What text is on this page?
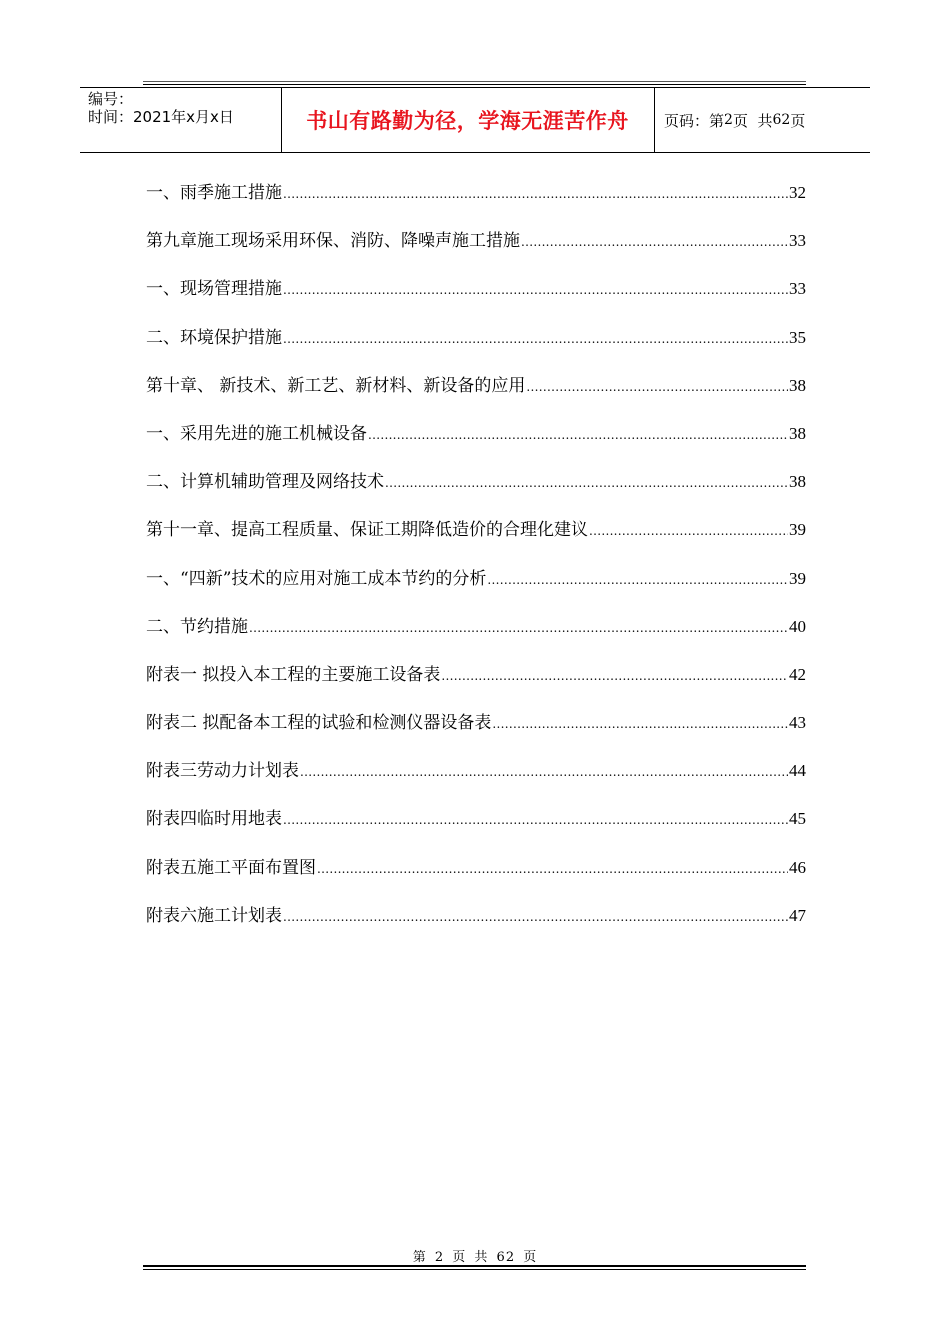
编号：
时间：2021年x月x日	书山有路勤为径，学海无涯苦作舟	页码：第 2 页  共 62 页
一、雨季施工措施 .....	32
第九章施工现场采用环保、消防、降噪声施工措施 .....	33
一、现场管理措施 .....	33
二、环境保护措施 .....	35
第十章、 新技术、新工艺、新材料、新设备的应用 .....	38
一、采用先进的施工机械设备 .....	38
二、计算机辅助管理及网络技术 .....	38
第十一章、提高工程质量、保证工期降低造价的合理化建议 .....	39
一、“四新”技术的应用对施工成本节约的分析 .....	39
二、节约措施 .....	40
附表一 拟投入本工程的主要施工设备表 .....	42
附表二 拟配备本工程的试验和检测仪器设备表 .....	43
附表三劳动力计划表 .....	44
附表四临时用地表 .....	45
附表五施工平面布置图 .....	46
附表六施工计划表 .....	47
第 2 页 共 62 页
